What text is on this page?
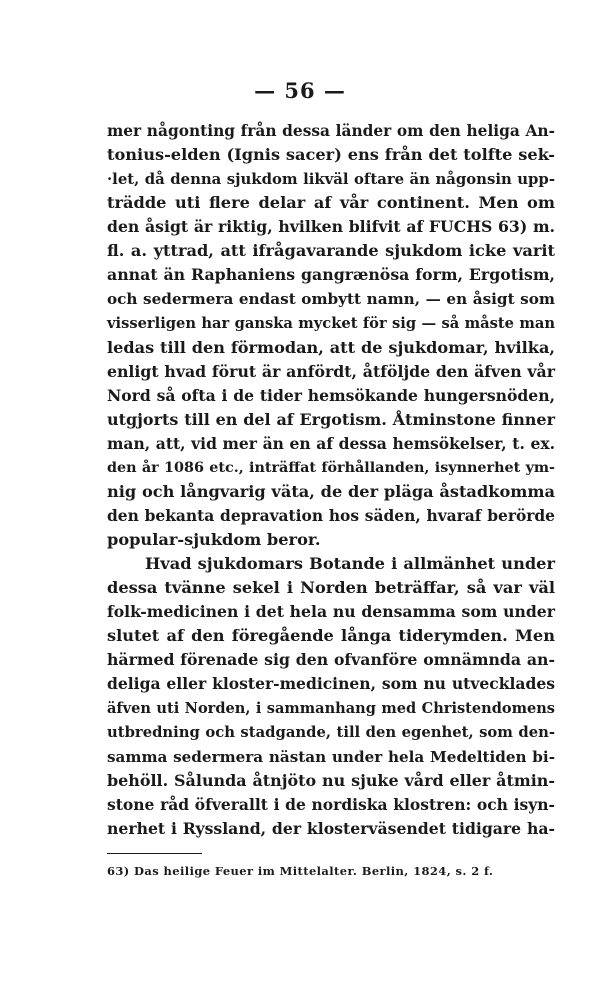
— 56 —
mer någonting från dessa länder om den heliga An-
tonius-elden (Ignis sacer) ens från det tolfte sek-
·let, då denna sjukdom likväl oftare än någonsin upp-
trädde uti flere delar af vår continent. Men om
den åsigt är riktig, hvilken blifvit af FUCHS 63) m.
fl. a. yttrad, att ifrågavarande sjukdom icke varit
annat än Raphaniens gangrænösa form, Ergotism,
och sedermera endast ombytt namn, — en åsigt som
visserligen har ganska mycket för sig — så måste man
ledas till den förmodan, att de sjukdomar, hvilka,
enligt hvad förut är anfördt, åtföljde den äfven vår
Nord så ofta i de tider hemsökande hungersnöden,
utgjorts till en del af Ergotism. Åtminstone finner
man, att, vid mer än en af dessa hemsökelser, t. ex.
den år 1086 etc., inträffat förhållanden, isynnerhet ym-
nig och långvarig väta, de der pläga åstadkomma
den bekanta depravation hos säden, hvaraf berörde
popular-sjukdom beror.
Hvad sjukdomars Botande i allmänhet under
dessa tvänne sekel i Norden beträffar, så var väl
folk-medicinen i det hela nu densamma som under
slutet af den föregående långa tiderymden. Men
härmed förenade sig den ofvanföre omnämnda an-
deliga eller kloster-medicinen, som nu utvecklades
äfven uti Norden, i sammanhang med Christendomens
utbredning och stadgande, till den egenhet, som den-
samma sedermera nästan under hela Medeltiden bi-
behöll. Sålunda åtnjöto nu sjuke vård eller åtmin-
stone råd öfverallt i de nordiska klostren: och isyn-
nerhet i Ryssland, der klosterväsendet tidigare ha-
63) Das heilige Feuer im Mittelalter. Berlin, 1824, s. 2 f.
